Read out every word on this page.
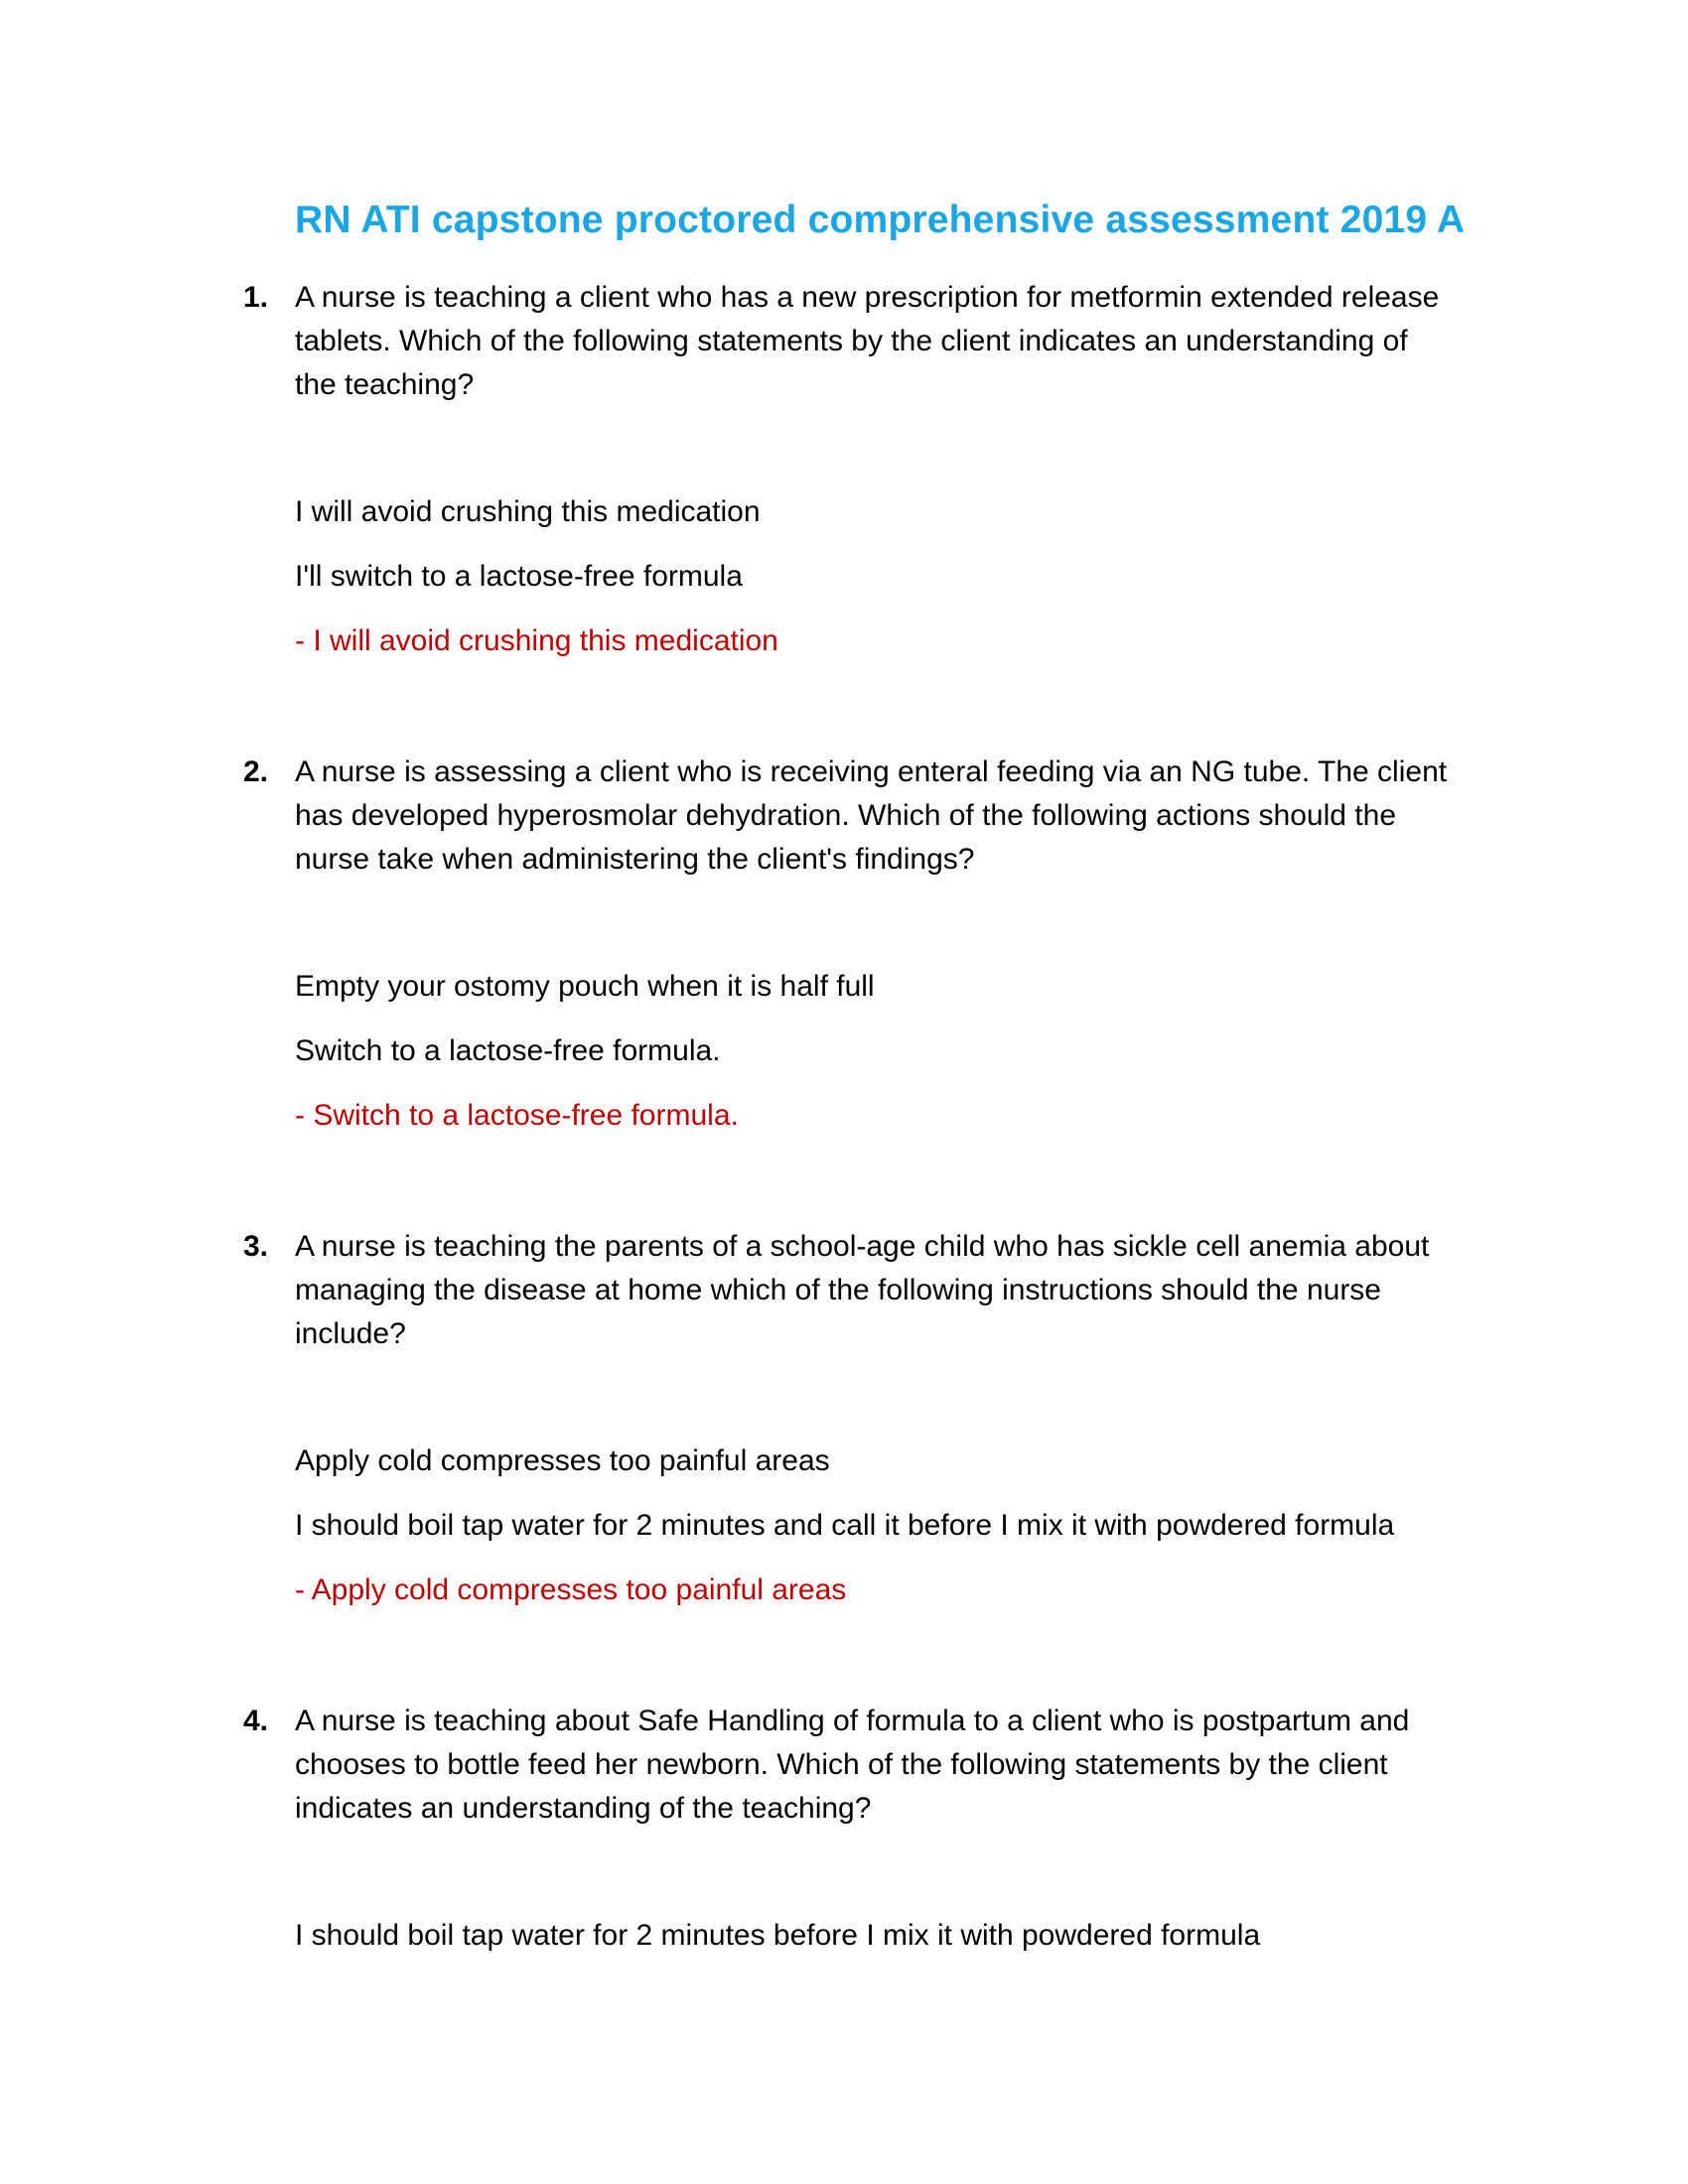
RN ATI capstone proctored comprehensive assessment 2019 A
1. A nurse is teaching a client who has a new prescription for metformin extended release
tablets. Which of the following statements by the client indicates an understanding of
the teaching?
I will avoid crushing this medication
I'll switch to a lactose-free formula
- I will avoid crushing this medication
2. A nurse is assessing a client who is receiving enteral feeding via an NG tube. The client
has developed hyperosmolar dehydration. Which of the following actions should the
nurse take when administering the client's findings?
Empty your ostomy pouch when it is half full
Switch to a lactose-free formula.
- Switch to a lactose-free formula.
3. A nurse is teaching the parents of a school-age child who has sickle cell anemia about
managing the disease at home which of the following instructions should the nurse
include?
Apply cold compresses too painful areas
I should boil tap water for 2 minutes and call it before I mix it with powdered formula
- Apply cold compresses too painful areas
4. A nurse is teaching about Safe Handling of formula to a client who is postpartum and
chooses to bottle feed her newborn. Which of the following statements by the client
indicates an understanding of the teaching?
I should boil tap water for 2 minutes before I mix it with powdered formula
